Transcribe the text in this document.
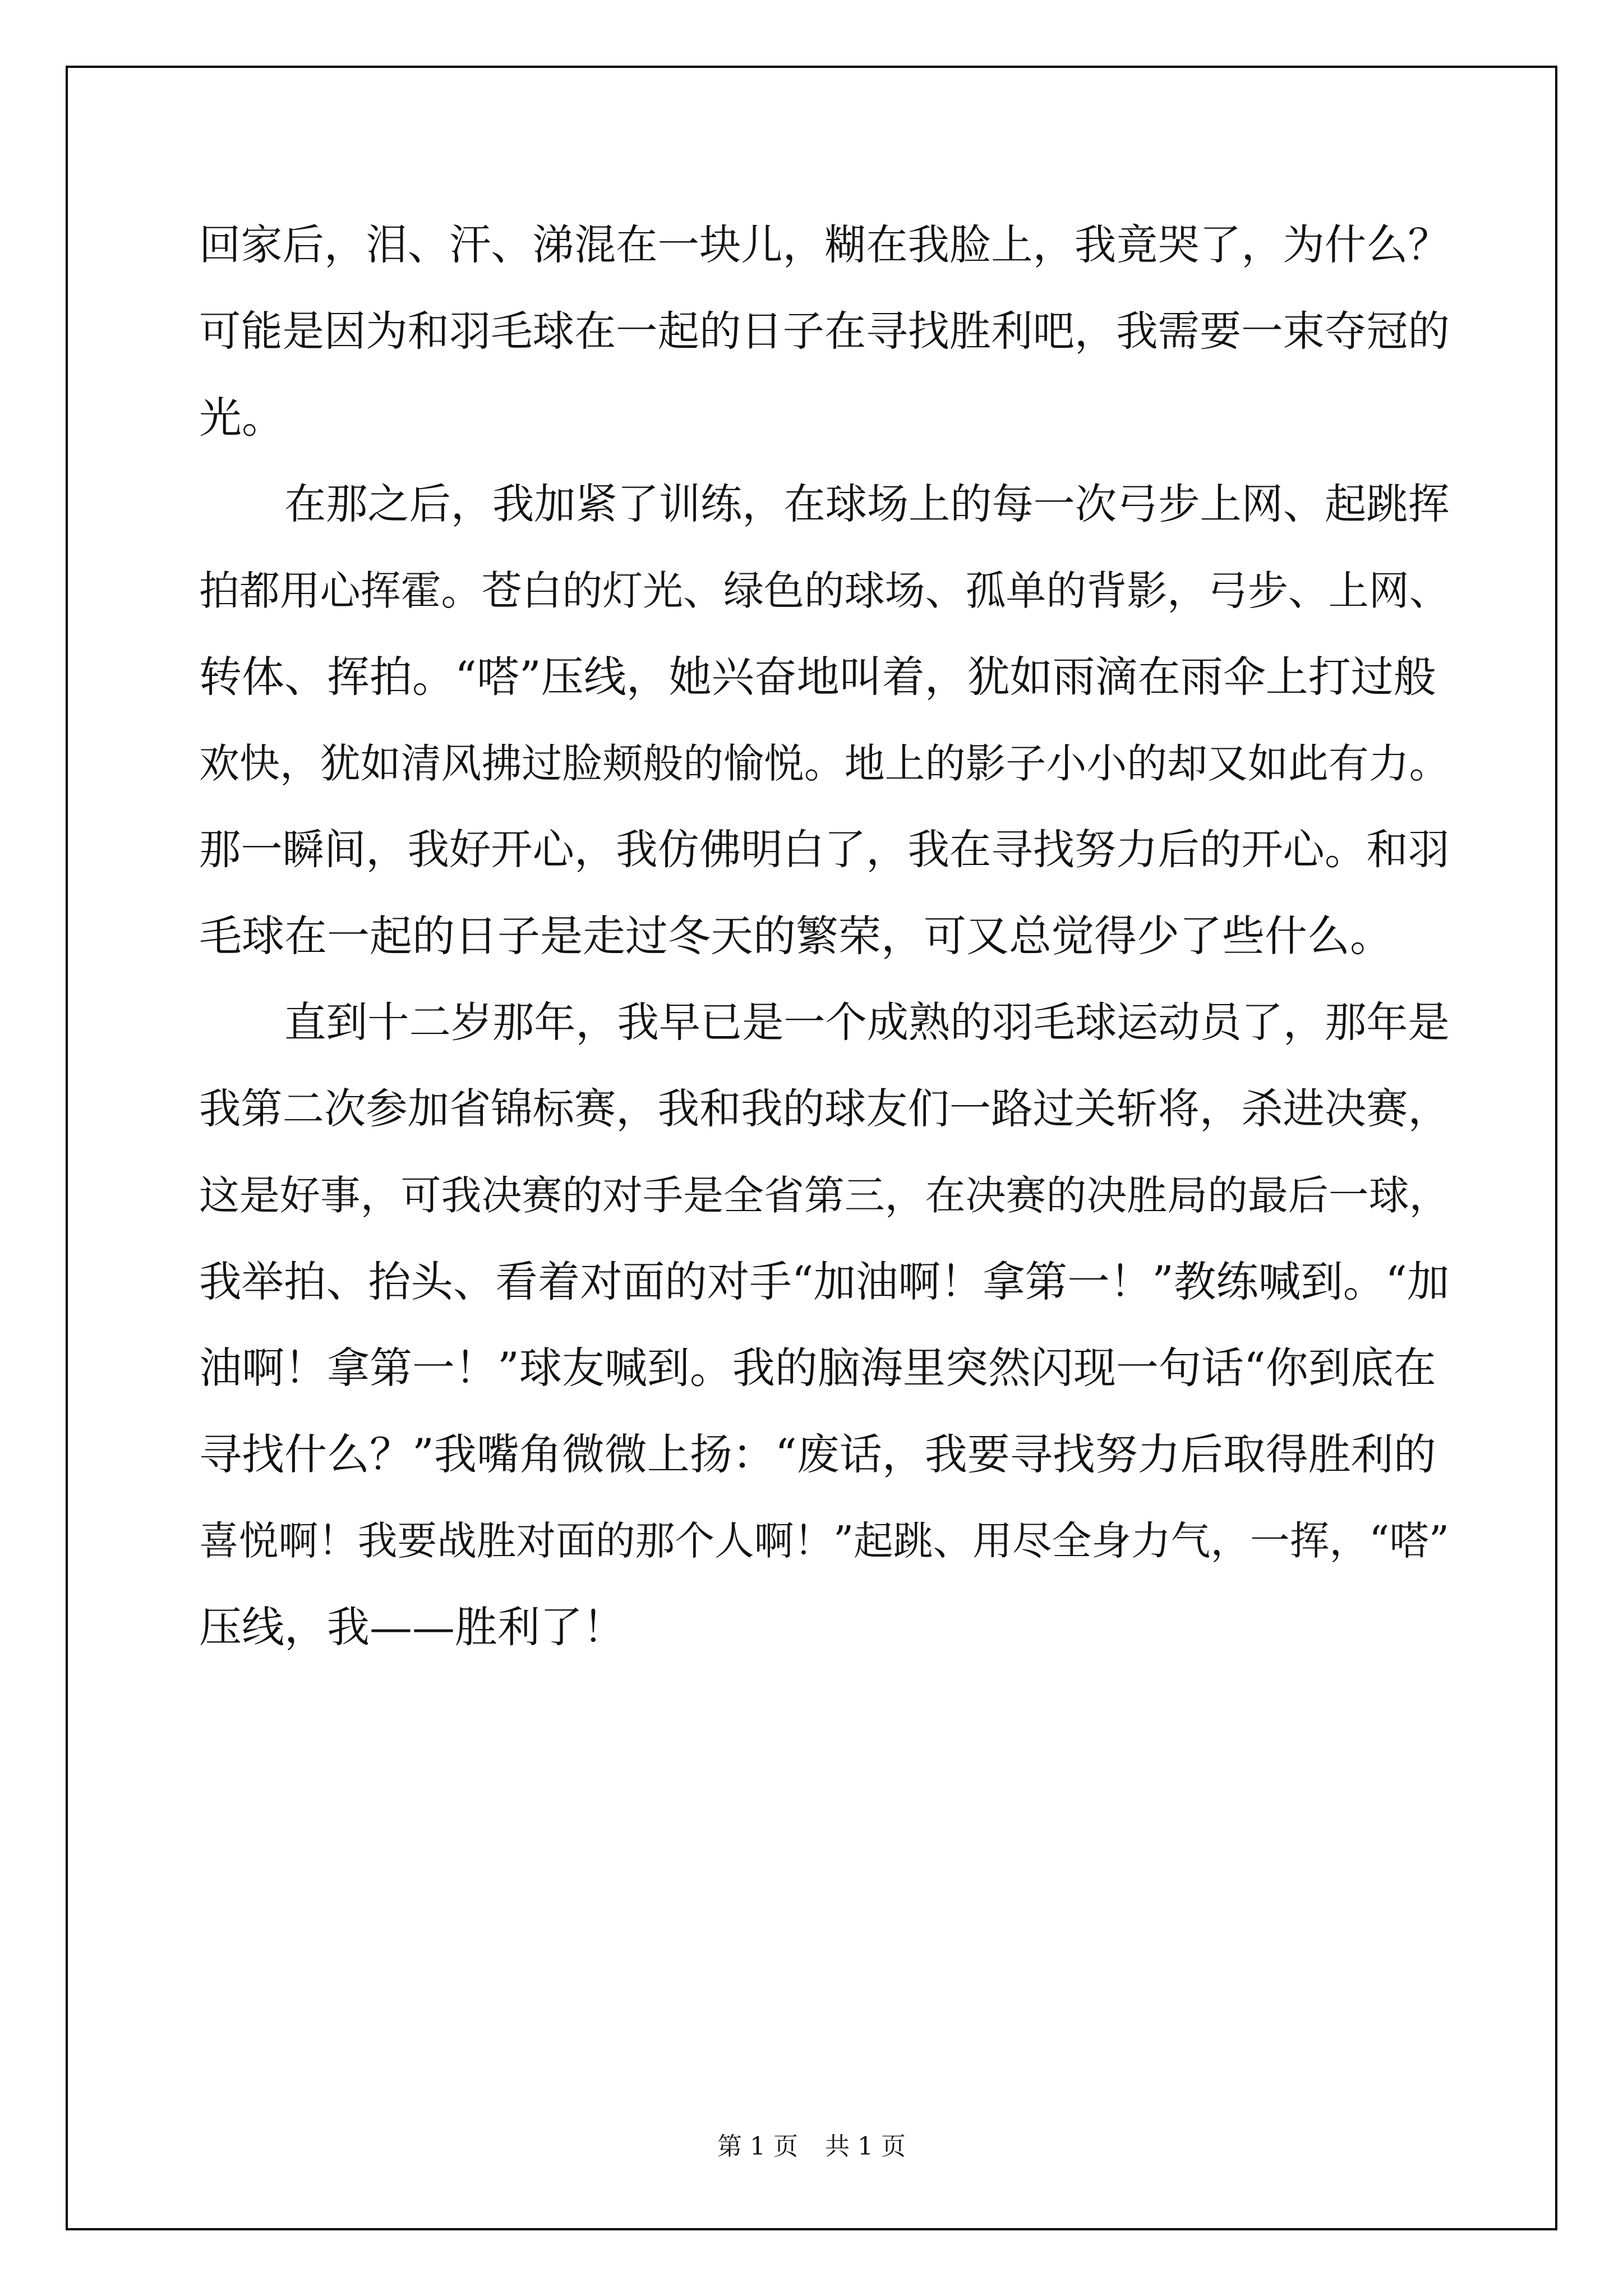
回家后，泪、汗、涕混在一块儿，糊在我脸上，我竟哭了，为什么？
可能是因为和羽毛球在一起的日子在寻找胜利吧，我需要一束夺冠的
光。
在那之后，我加紧了训练，在球场上的每一次弓步上网、起跳挥
拍都用心挥霍。苍白的灯光、绿色的球场、孤单的背影，弓步、上网、
转体、挥拍。“嗒”压线，她兴奋地叫着，犹如雨滴在雨伞上打过般
欢快，犹如清风拂过脸颊般的愉悦。地上的影子小小的却又如此有力。
那一瞬间，我好开心，我仿佛明白了，我在寻找努力后的开心。和羽
毛球在一起的日子是走过冬天的繁荣，可又总觉得少了些什么。
直到十二岁那年，我早已是一个成熟的羽毛球运动员了，那年是
我第二次参加省锦标赛，我和我的球友们一路过关斩将，杀进决赛，
这是好事，可我决赛的对手是全省第三，在决赛的决胜局的最后一球，
我举拍、抬头、看着对面的对手“加油啊！拿第一！”教练喊到。“加
油啊！拿第一！”球友喊到。我的脑海里突然闪现一句话“你到底在
寻找什么？”我嘴角微微上扬：“废话，我要寻找努力后取得胜利的
喜悦啊！我要战胜对面的那个人啊！”起跳、用尽全身力气，一挥，“嗒”
压线，我——胜利了！
第 1 页 共 1 页
